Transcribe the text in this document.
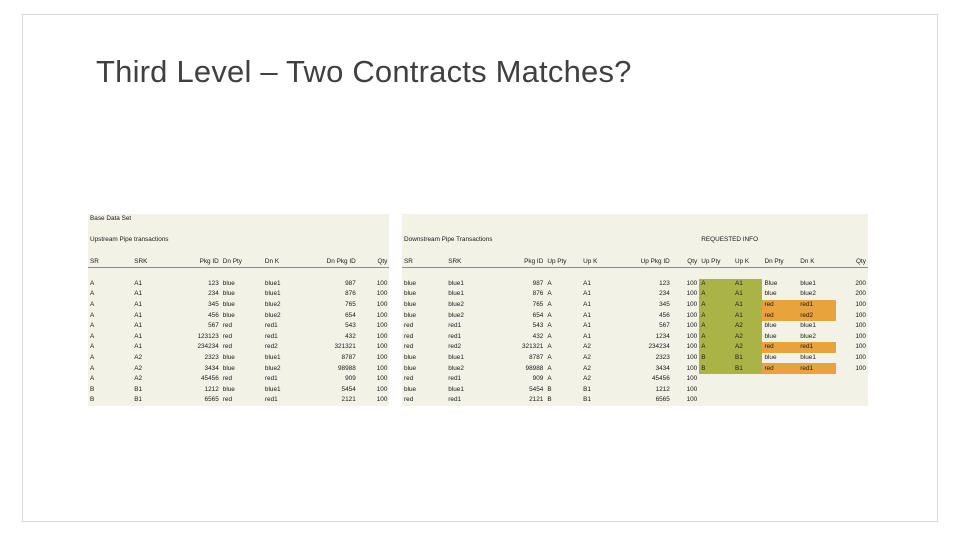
Third Level – Two Contracts Matches?
Base Data Set																			

Upstream Pipe transactions								Downstream Pipe Transactions							REQUESTED INFO				

SR	SRK	Pkg ID	Dn Pty	Dn K	Dn Pkg ID	Qty		SR	SRK	Pkg ID	Up Pty	Up K	Up Pkg ID	Qty	Up Pty	Up K	Dn Pty	Dn K	Qty

A	A1	123	blue	blue1	987	100		blue	blue1	987	A	A1	123	100	A	A1	Blue	blue1	200
A	A1	234	blue	blue1	876	100		blue	blue1	876	A	A1	234	100	A	A1	blue	blue2	200
A	A1	345	blue	blue2	765	100		blue	blue2	765	A	A1	345	100	A	A1	red	red1	100
A	A1	456	blue	blue2	654	100		blue	blue2	654	A	A1	456	100	A	A1	red	red2	100
A	A1	567	red	red1	543	100		red	red1	543	A	A1	567	100	A	A2	blue	blue1	100
A	A1	123123	red	red1	432	100		red	red1	432	A	A1	1234	100	A	A2	blue	blue2	100
A	A1	234234	red	red2	321321	100		red	red2	321321	A	A2	234234	100	A	A2	red	red1	100
A	A2	2323	blue	blue1	8787	100		blue	blue1	8787	A	A2	2323	100	B	B1	blue	blue1	100
A	A2	3434	blue	blue2	98988	100		blue	blue2	98988	A	A2	3434	100	B	B1	red	red1	100
A	A2	45456	red	red1	909	100		red	red1	909	A	A2	45456	100					
B	B1	1212	blue	blue1	5454	100		blue	blue1	5454	B	B1	1212	100					
B	B1	6565	red	red1	2121	100		red	red1	2121	B	B1	6565	100					
